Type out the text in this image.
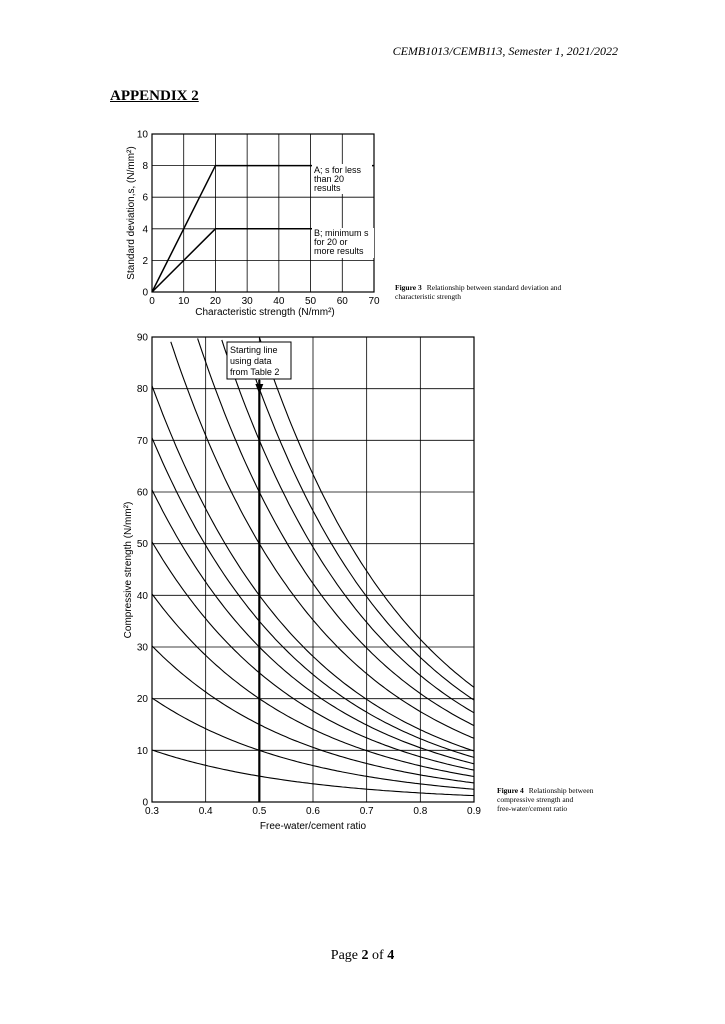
CEMB1013/CEMB113, Semester 1, 2021/2022
APPENDIX 2
0 10 20 30 40 50 60 70
0
2
4
6
8
10
A; s for less
than 20
results
B; minimum s
for 20 or
more results
Characteristic strength (N/mm²)
Standard deviation,s, (N/mm²)
Figure 3 Relationship between standard deviation and
characteristic strength
0.3	0.4	0.5	0.6	0.7	0.8	0.9
0
10
20
30
40
50
60
70
80
90
Starting line
using data
from Table 2
Free-water/cement ratio
Compressive strength (N/mm²)
Figure 4 Relationship between
compressive strength and
free-water/cement ratio
Page 2 of 4
